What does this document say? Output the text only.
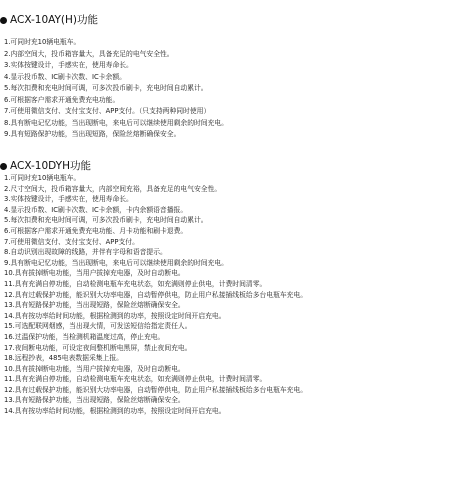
ACX-10AY(H)功能
1.可同时充10辆电瓶车。
2.内部空间大，投币箱容量大，具备充足的电气安全性。
3.实体按键设计，手感实在，使用寿命长。
4.显示投币数、IC刷卡次数、IC卡余额。
5.每次扣费和充电时间可调，可多次投币刷卡，充电时间自动累计。
6.可根据客户需求开通免费充电功能。
7.可使用微信支付、支付宝支付、APP支付。（只支持两种同时使用）
8.具有断电记忆功能，当出现断电，来电后可以继续使用剩余的时间充电。
9.具有短路保护功能，当出现短路，保险丝熔断确保安全。
ACX-10DYH功能
1.可同时充10辆电瓶车。
2.尺寸空间大，投币箱容量大，内部空间充裕，具备充足的电气安全性。
3.实体按键设计，手感实在，使用寿命长。
4.显示投币数、IC刷卡次数、IC卡余额，卡内余额语音播报。
5.每次扣费和充电时间可调，可多次投币刷卡，充电时间自动累计。
6.可根据客户需求开通免费充电功能、月卡功能和刷卡退费。
7.可使用微信支付、支付宝支付、APP支付。
8.自动识别出现故障的线路，并伴有字母和语音提示。
9.具有断电记忆功能，当出现断电，来电后可以继续使用剩余的时间充电。
10.具有拔掉断电功能，当用户拔掉充电器，及时自动断电。
11.具有充满自停功能，自动检测电瓶车充电状态，如充满则停止供电，计费时间清零。
12.具有过载保护功能，能识别大功率电器，自动暂停供电，防止用户私接插线板给多台电瓶车充电。
13.具有短路保护功能，当出现短路，保险丝熔断确保安全。
14.具有按功率给时间功能，根据检测到的功率，按照设定时间开启充电。
15.可选配联网烟感，当出现火情，可发送短信给指定责任人。
16.过温保护功能，当检测机箱温度过高，停止充电。
17.夜间断电功能，可设定夜间整机断电黑屏，禁止夜间充电。
18.远程抄表，485电表数据采集上报。
10.具有拔掉断电功能，当用户拔掉充电器，及时自动断电。
11.具有充满自停功能，自动检测电瓶车充电状态，如充满则停止供电，计费时间清零。
12.具有过载保护功能，能识别大功率电器，自动暂停供电，防止用户私接插线板给多台电瓶车充电。
13.具有短路保护功能，当出现短路，保险丝熔断确保安全。
14.具有按功率给时间功能，根据检测到的功率，按照设定时间开启充电。
